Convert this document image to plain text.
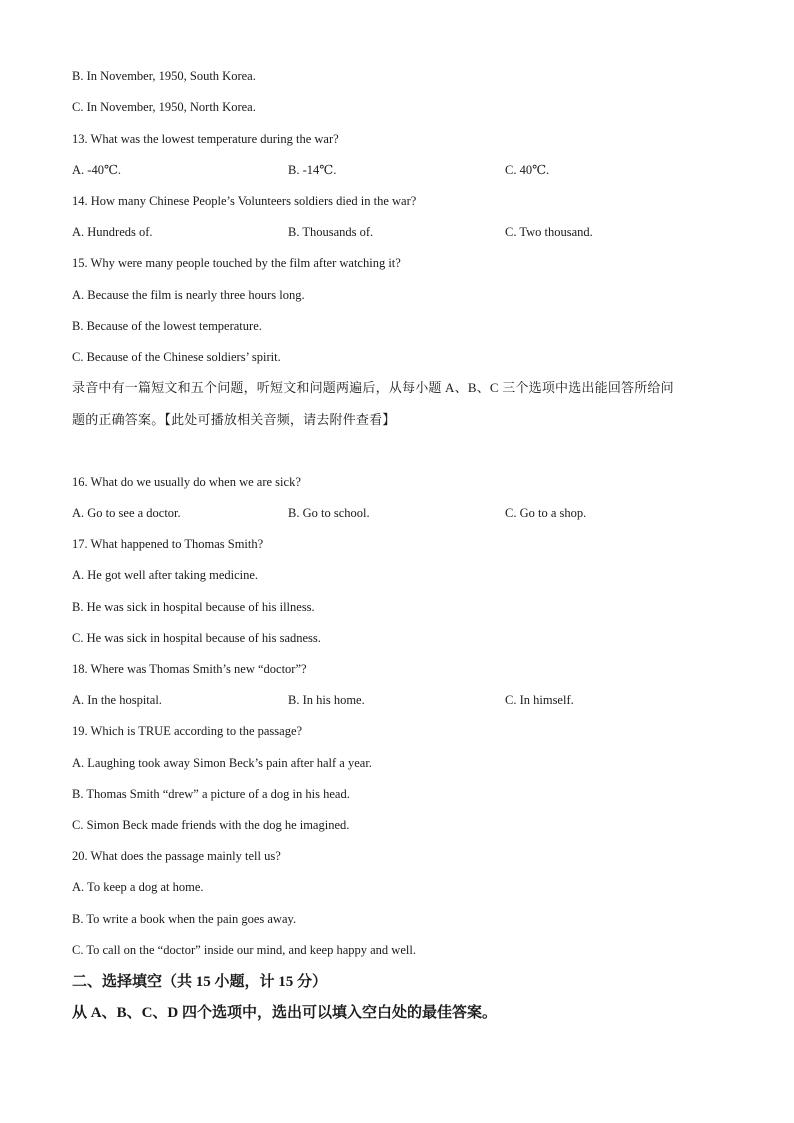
B. In November, 1950, South Korea.
C. In November, 1950, North Korea.
13. What was the lowest temperature during the war?
A. -40℃.	B. -14℃.	C. 40℃.
14. How many Chinese People’s Volunteers soldiers died in the war?
A. Hundreds of.	B. Thousands of.	C. Two thousand.
15. Why were many people touched by the film after watching it?
A. Because the film is nearly three hours long.
B. Because of the lowest temperature.
C. Because of the Chinese soldiers’ spirit.
录音中有一篇短文和五个问题，听短文和问题两遍后，从每小题 A、B、C 三个选项中选出能回答所给问
题的正确答案。【此处可播放相关音频，请去附件查看】
16. What do we usually do when we are sick?
A. Go to see a doctor.	B. Go to school.	C. Go to a shop.
17. What happened to Thomas Smith?
A. He got well after taking medicine.
B. He was sick in hospital because of his illness.
C. He was sick in hospital because of his sadness.
18. Where was Thomas Smith’s new “doctor”?
A. In the hospital.	B. In his home.	C. In himself.
19. Which is TRUE according to the passage?
A. Laughing took away Simon Beck’s pain after half a year.
B. Thomas Smith “drew” a picture of a dog in his head.
C. Simon Beck made friends with the dog he imagined.
20. What does the passage mainly tell us?
A. To keep a dog at home.
B. To write a book when the pain goes away.
C. To call on the “doctor” inside our mind, and keep happy and well.
二、选择填空（共 15 小题，计 15 分）
从 A、B、C、D 四个选项中，选出可以填入空白处的最佳答案。
